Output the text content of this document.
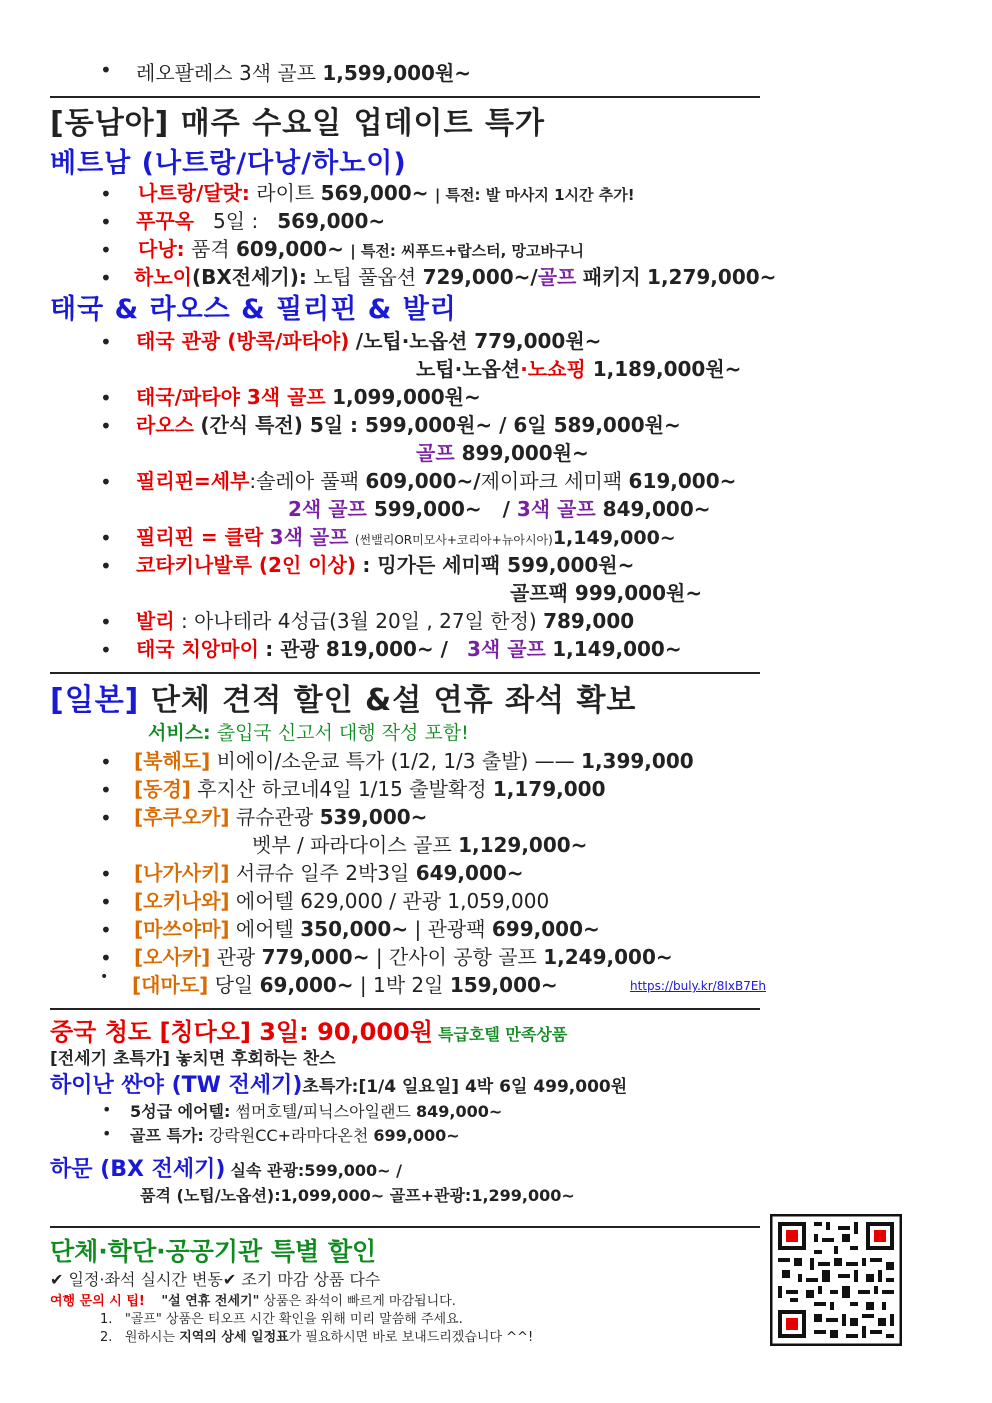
• 레오팔레스 3색 골프 1,599,000원~
[동남아] 매주 수요일 업데이트 특가
베트남 (나트랑/다낭/하노이)
• 나트랑/달랏: 라이트 569,000~ | 특전: 발 마사지 1시간 추가!
• 푸꾸옥 5일 : 569,000~
• 다낭: 품격 609,000~ | 특전: 씨푸드+랍스터, 망고바구니
• 하노이(BX전세기): 노팁 풀옵션 729,000~/골프 패키지 1,279,000~
태국 & 라오스 & 필리핀 & 발리
• 태국 관광 (방콕/파타야) /노팁·노옵션 779,000원~
노팁·노옵션·노쇼핑 1,189,000원~
• 태국/파타야 3색 골프 1,099,000원~
• 라오스 (간식 특전) 5일 : 599,000원~ / 6일 589,000원~
골프 899,000원~
• 필리핀=세부:솔레아 풀팩 609,000~/제이파크 세미팩 619,000~
2색 골프 599,000~ / 3색 골프 849,000~
• 필리핀 = 클락 3색 골프 (썬밸리OR미모사+코리아+뉴아시아)1,149,000~
• 코타키나발루 (2인 이상) : 밍가든 세미팩 599,000원~
골프팩 999,000원~
• 발리 : 아나테라 4성급(3월 20일 , 27일 한정) 789,000
• 태국 치앙마이 : 관광 819,000~ / 3색 골프 1,149,000~
[일본] 단체 견적 할인 &설 연휴 좌석 확보
서비스: 출입국 신고서 대행 작성 포함!
• [북해도] 비에이/소운쿄 특가 (1/2, 1/3 출발) —— 1,399,000
• [동경] 후지산 하코네4일 1/15 출발확정 1,179,000
• [후쿠오카] 큐슈관광 539,000~
벳부 / 파라다이스 골프 1,129,000~
• [나가사키] 서큐슈 일주 2박3일 649,000~
• [오키나와] 에어텔 629,000 / 관광 1,059,000
• [마쓰야마] 에어텔 350,000~ | 관광팩 699,000~
• [오사카] 관광 779,000~ | 간사이 공항 골프 1,249,000~
• [대마도] 당일 69,000~ | 1박 2일 159,000~	https://buly.kr/8IxB7Eh
중국 청도 [칭다오] 3일: 90,000원 특급호텔 만족상품
[전세기 초특가] 놓치면 후회하는 찬스
하이난 싼야 (TW 전세기)초특가:[1/4 일요일] 4박 6일 499,000원
• 5성급 에어텔: 썸머호텔/피닉스아일랜드 849,000~
• 골프 특가: 강락원CC+라마다온천 699,000~
하문 (BX 전세기) 실속 관광:599,000~ /
품격 (노팁/노옵션):1,099,000~ 골프+관광:1,299,000~
단체·학단·공공기관 특별 할인
✔ 일정·좌석 실시간 변동✔ 조기 마감 상품 다수
여행 문의 시 팁! "설 연휴 전세기" 상품은 좌석이 빠르게 마감됩니다.
1. "골프" 상품은 티오프 시간 확인을 위해 미리 말씀해 주세요.
2. 원하시는 지역의 상세 일정표가 필요하시면 바로 보내드리겠습니다 ^^!
